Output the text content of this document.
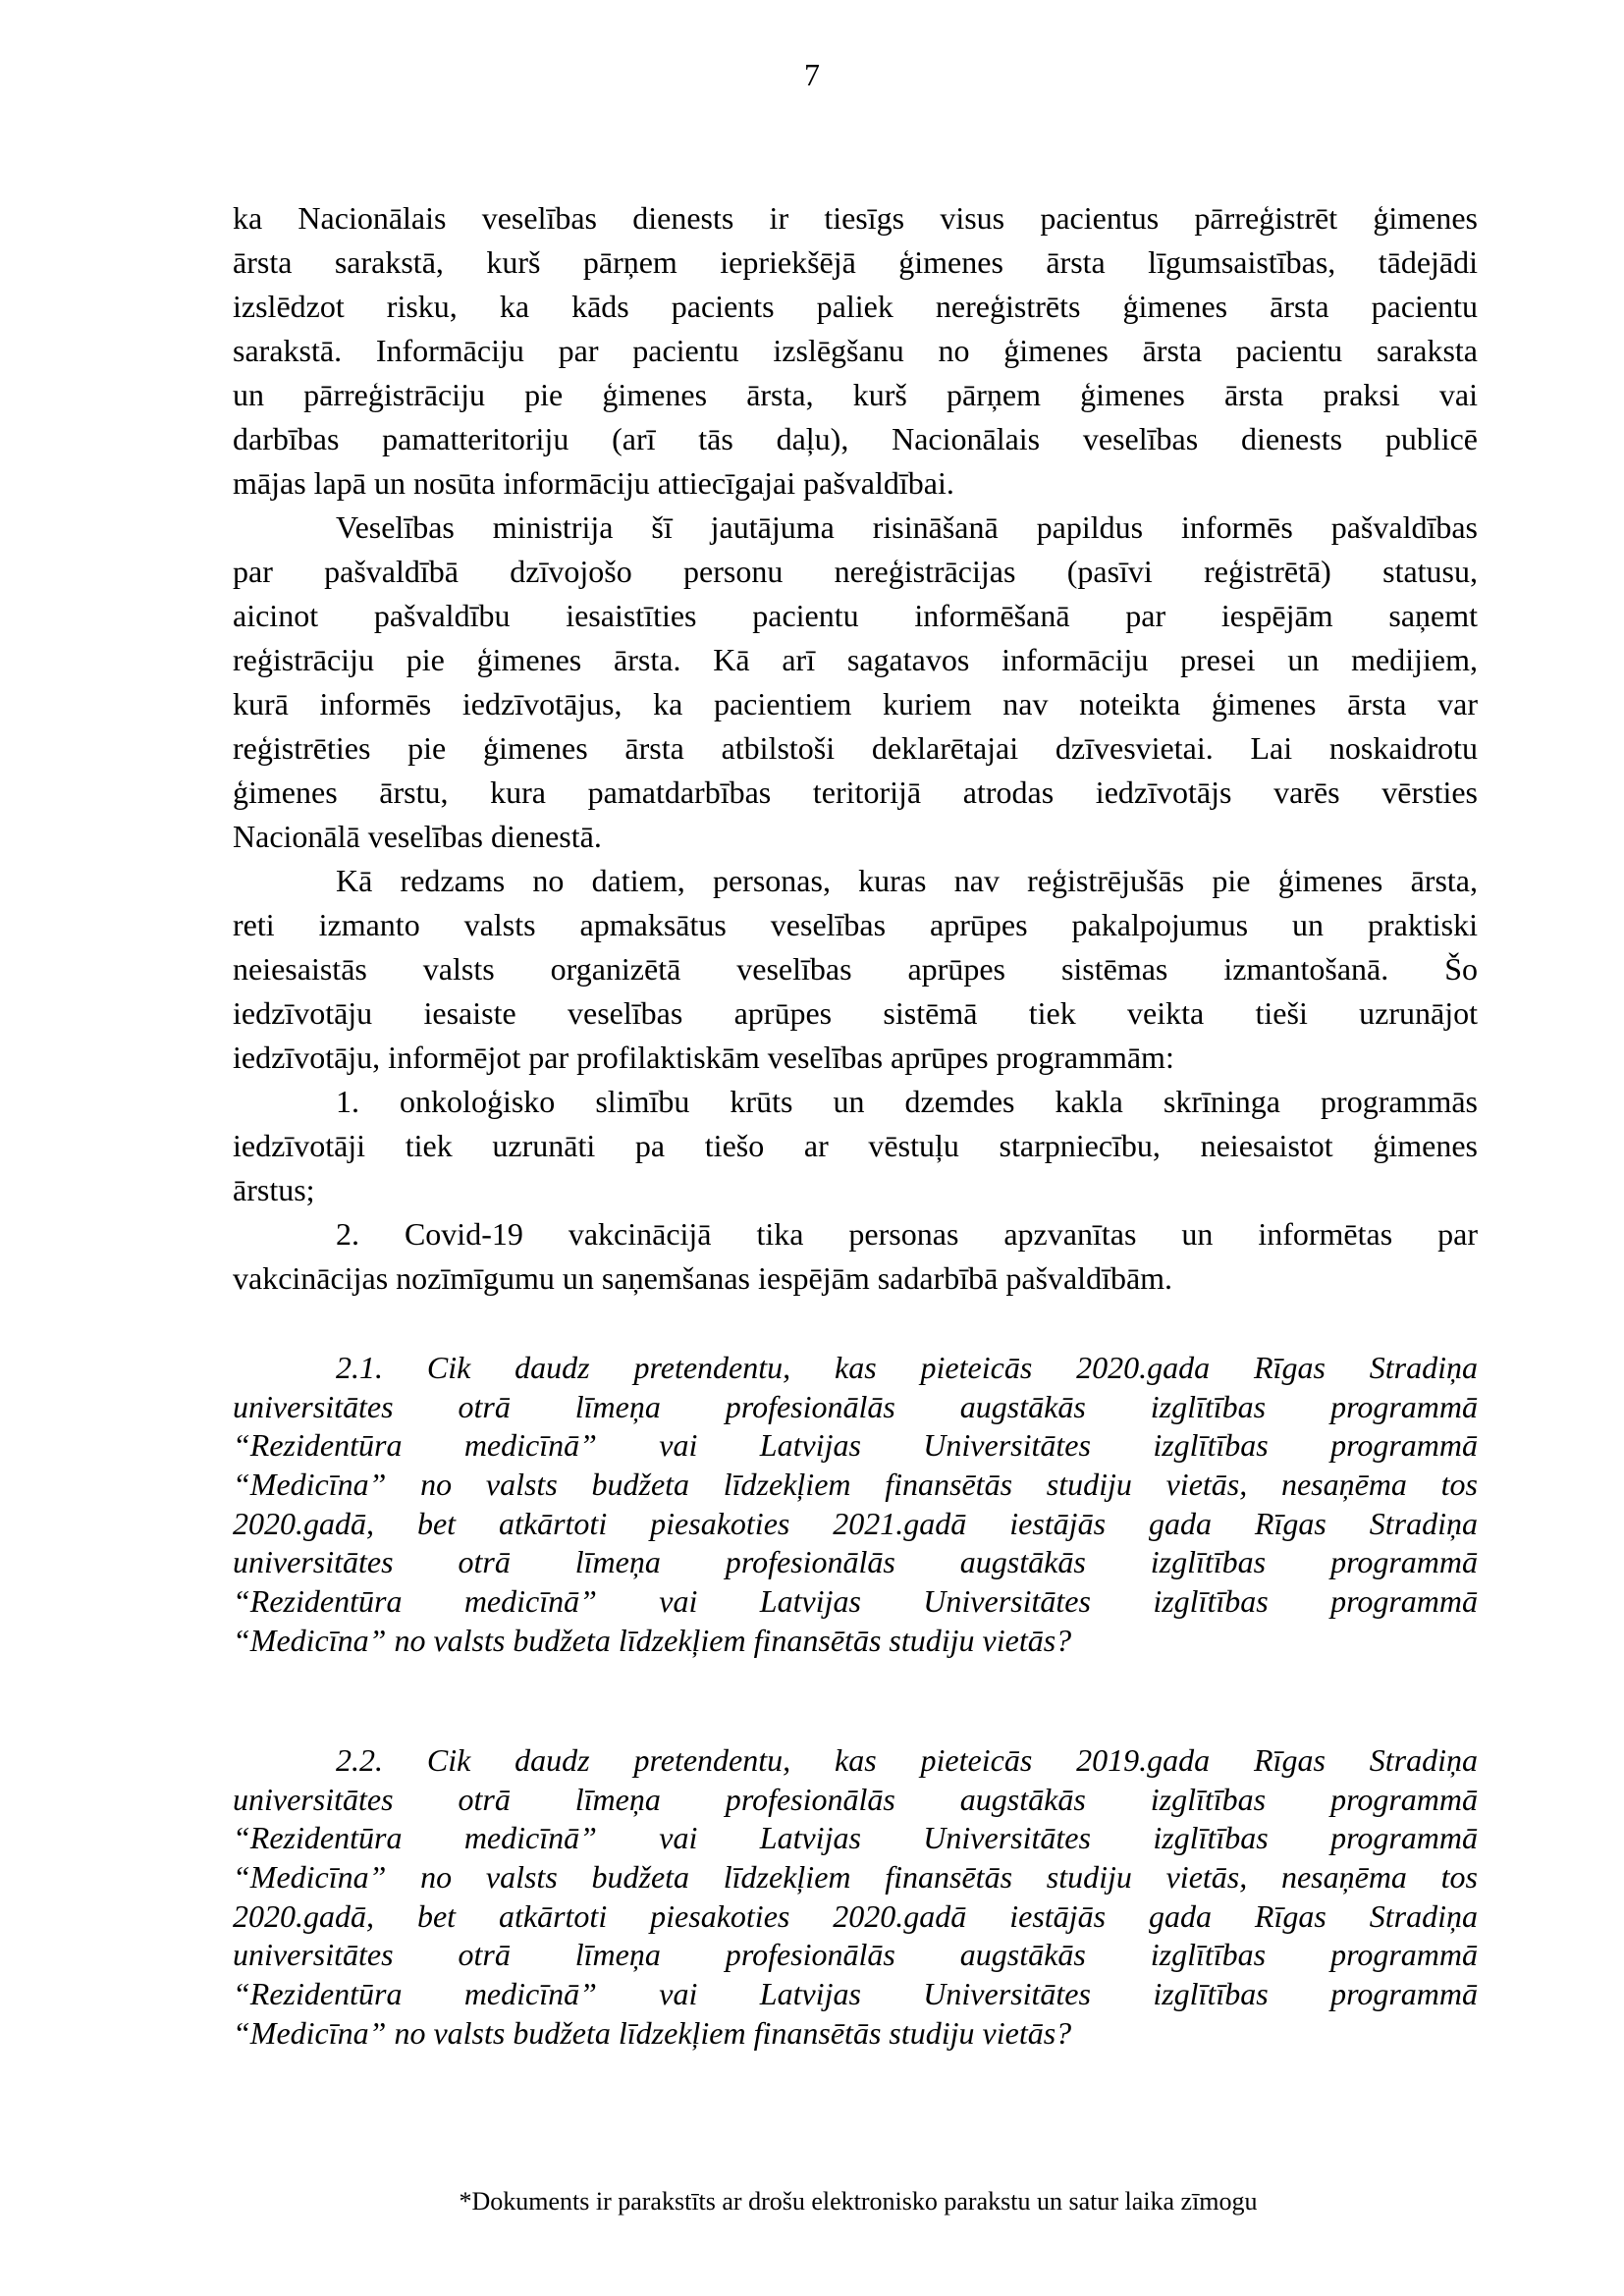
7
ka Nacionālais veselības dienests ir tiesīgs visus pacientus pārreģistrēt ģimenes
ārsta sarakstā, kurš pārņem iepriekšējā ģimenes ārsta līgumsaistības, tādejādi
izslēdzot risku, ka kāds pacients paliek nereģistrēts ģimenes ārsta pacientu
sarakstā. Informāciju par pacientu izslēgšanu no ģimenes ārsta pacientu saraksta
un pārreģistrāciju pie ģimenes ārsta, kurš pārņem ģimenes ārsta praksi vai
darbības pamatteritoriju (arī tās daļu), Nacionālais veselības dienests publicē
mājas lapā un nosūta informāciju attiecīgajai pašvaldībai.
Veselības ministrija šī jautājuma risināšanā papildus informēs pašvaldības
par pašvaldībā dzīvojošo personu nereģistrācijas (pasīvi reģistrētā) statusu,
aicinot pašvaldību iesaistīties pacientu informēšanā par iespējām saņemt
reģistrāciju pie ģimenes ārsta. Kā arī sagatavos informāciju presei un medijiem,
kurā informēs iedzīvotājus, ka pacientiem kuriem nav noteikta ģimenes ārsta var
reģistrēties pie ģimenes ārsta atbilstoši deklarētajai dzīvesvietai. Lai noskaidrotu
ģimenes ārstu, kura pamatdarbības teritorijā atrodas iedzīvotājs varēs vērsties
Nacionālā veselības dienestā.
Kā redzams no datiem, personas, kuras nav reģistrējušās pie ģimenes ārsta,
reti izmanto valsts apmaksātus veselības aprūpes pakalpojumus un praktiski
neiesaistās valsts organizētā veselības aprūpes sistēmas izmantošanā. Šo
iedzīvotāju iesaiste veselības aprūpes sistēmā tiek veikta tieši uzrunājot
iedzīvotāju, informējot par profilaktiskām veselības aprūpes programmām:
1. onkoloģisko slimību krūts un dzemdes kakla skrīninga programmās
iedzīvotāji tiek uzrunāti pa tiešo ar vēstuļu starpniecību, neiesaistot ģimenes
ārstus;
2. Covid-19 vakcinācijā tika personas apzvanītas un informētas par
vakcinācijas nozīmīgumu un saņemšanas iespējām sadarbībā pašvaldībām.
2.1. Cik daudz pretendentu, kas pieteicās 2020.gada Rīgas Stradiņa
universitātes otrā līmeņa profesionālās augstākās izglītības programmā
“Rezidentūra medicīnā” vai Latvijas Universitātes izglītības programmā
“Medicīna” no valsts budžeta līdzekļiem finansētās studiju vietās, nesaņēma tos
2020.gadā, bet atkārtoti piesakoties 2021.gadā iestājās gada Rīgas Stradiņa
universitātes otrā līmeņa profesionālās augstākās izglītības programmā
“Rezidentūra medicīnā” vai Latvijas Universitātes izglītības programmā
“Medicīna” no valsts budžeta līdzekļiem finansētās studiju vietās?
2.2. Cik daudz pretendentu, kas pieteicās 2019.gada Rīgas Stradiņa
universitātes otrā līmeņa profesionālās augstākās izglītības programmā
“Rezidentūra medicīnā” vai Latvijas Universitātes izglītības programmā
“Medicīna” no valsts budžeta līdzekļiem finansētās studiju vietās, nesaņēma tos
2020.gadā, bet atkārtoti piesakoties 2020.gadā iestājās gada Rīgas Stradiņa
universitātes otrā līmeņa profesionālās augstākās izglītības programmā
“Rezidentūra medicīnā” vai Latvijas Universitātes izglītības programmā
“Medicīna” no valsts budžeta līdzekļiem finansētās studiju vietās?
*Dokuments ir parakstīts ar drošu elektronisko parakstu un satur laika zīmogu
